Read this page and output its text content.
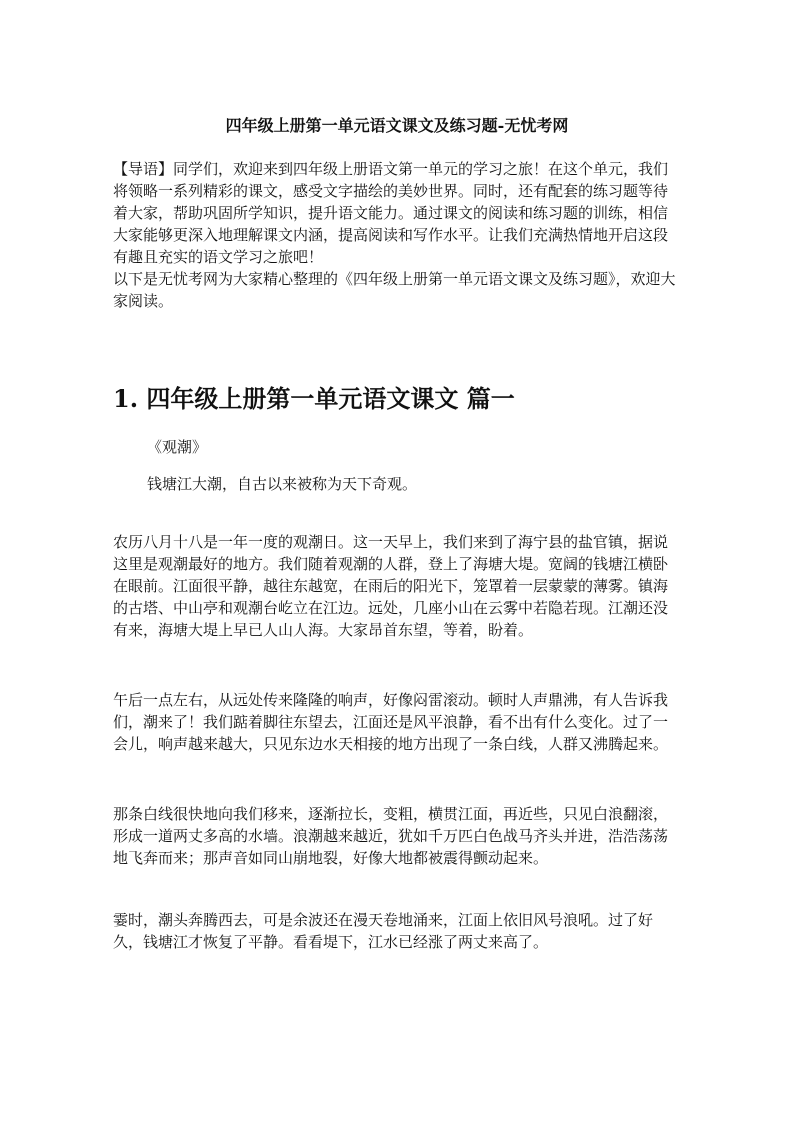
四年级上册第一单元语文课文及练习题-无忧考网

【导语】同学们，欢迎来到四年级上册语文第一单元的学习之旅！在这个单元，我们将领略一系列精彩的课文，感受文字描绘的美妙世界。同时，还有配套的练习题等待着大家，帮助巩固所学知识，提升语文能力。通过课文的阅读和练习题的训练，相信大家能够更深入地理解课文内涵，提高阅读和写作水平。让我们充满热情地开启这段有趣且充实的语文学习之旅吧！

以下是无忧考网为大家精心整理的《四年级上册第一单元语文课文及练习题》，欢迎大家阅读。

1. 四年级上册第一单元语文课文 篇一
《观潮》
钱塘江大潮，自古以来被称为天下奇观。

农历八月十八是一年一度的观潮日。这一天早上，我们来到了海宁县的盐官镇，据说这里是观潮最好的地方。我们随着观潮的人群，登上了海塘大堤。宽阔的钱塘江横卧在眼前。江面很平静，越往东越宽，在雨后的阳光下，笼罩着一层蒙蒙的薄雾。镇海的古塔、中山亭和观潮台屹立在江边。远处，几座小山在云雾中若隐若现。江潮还没有来，海塘大堤上早已人山人海。大家昂首东望，等着，盼着。

午后一点左右，从远处传来隆隆的响声，好像闷雷滚动。顿时人声鼎沸，有人告诉我们，潮来了！我们踮着脚往东望去，江面还是风平浪静，看不出有什么变化。过了一会儿，响声越来越大，只见东边水天相接的地方出现了一条白线，人群又沸腾起来。

那条白线很快地向我们移来，逐渐拉长，变粗，横贯江面，再近些，只见白浪翻滚，形成一道两丈多高的水墙。浪潮越来越近，犹如千万匹白色战马齐头并进，浩浩荡荡地飞奔而来；那声音如同山崩地裂，好像大地都被震得颤动起来。

霎时，潮头奔腾西去，可是余波还在漫天卷地涌来，江面上依旧风号浪吼。过了好久，钱塘江才恢复了平静。看看堤下，江水已经涨了两丈来高了。
